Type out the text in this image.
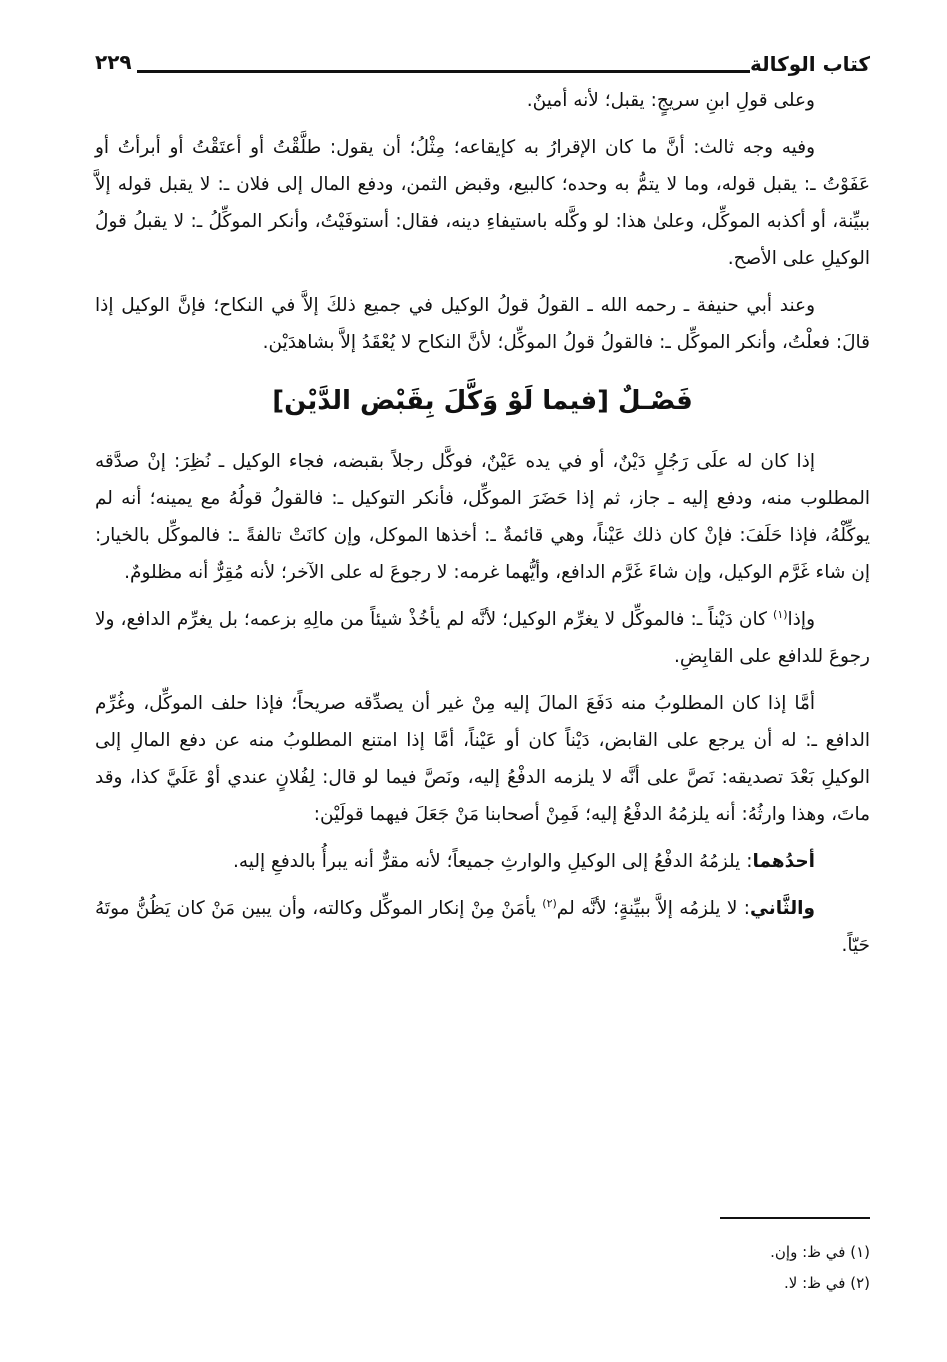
كتاب الوكالة
٢٢٩

وعلى قولِ ابنِ سريجٍ: يقبل؛ لأنه أمينٌ.

وفيه وجه ثالث: أنَّ ما كان الإقرارُ به كإيقاعه؛ مِثْلُ؛ أن يقول: طلَّقْتُ أو أعتَقْتُ أو أبرأتُ أو عَفَوْتُ ـ: يقبل قوله، وما لا يتمُّ به وحده؛ كالبيع، وقبض الثمن، ودفع المال إلى فلان ـ: لا يقبل قوله إلاَّ ببيِّنة، أو أكذبه الموكِّل، وعلىٰ هذا: لو وكَّله باستيفاءِ دينه، فقال: أستوفَيْتُ، وأنكر الموكِّلُ ـ: لا يقبلُ قولُ الوكيلِ على الأصح.

وعند أبي حنيفة ـ رحمه الله ـ القولُ قولُ الوكيل في جميع ذلكَ إلاَّ في النكاح؛ فإنَّ الوكيل إذا قالَ: فعلْتُ، وأنكر الموكِّل ـ: فالقولُ قولُ الموكِّل؛ لأنَّ النكاح لا يُعْقَدُ إلاَّ بشاهدَيْن.

فَصْـلٌ [فيما لَوْ وَكَّلَ بِقَبْض الدَّيْن]

إذا كان له علَى رَجُلٍ دَيْنٌ، أو في يده عَيْنٌ، فوكَّل رجلاً بقبضه، فجاء الوكيل ـ نُظِرَ: إنْ صدَّقه المطلوب منه، ودفع إليه ـ جاز، ثم إذا حَضَرَ الموكِّل، فأنكر التوكيل ـ: فالقولُ قولُهُ مع يمينه؛ أنه لم يوكِّلْهُ، فإذا حَلَفَ: فإنْ كان ذلك عَيْناً، وهي قائمةٌ ـ: أخذها الموكل، وإن كانَتْ تالفةً ـ: فالموكِّل بالخيار: إن شاء غَرَّم الوكيل، وإن شاءَ غَرَّم الدافع، وأيُّهما غرمه: لا رجوعَ له على الآخر؛ لأنه مُقِرٌّ أنه مظلومٌ.

وإذا$^{(١)}$ كان دَيْناً ـ: فالموكِّل لا يغرِّم الوكيل؛ لأنَّه لم يأخُذْ شيئاً من مالِهِ بزعمه؛ بل يغرِّم الدافع، ولا رجوعَ للدافع على القابِضِ.

أمَّا إذا كان المطلوبُ منه دَفَعَ المالَ إليه مِنْ غير أن يصدِّقه صريحاً؛ فإذا حلف الموكِّل، وغُرِّم الدافع ـ: له أن يرجع على القابض، دَيْناً كان أو عَيْناً، أمَّا إذا امتنع المطلوبُ منه عن دفع المالِ إلى الوكيلِ بَعْدَ تصديقه: نَصَّ على أنَّه لا يلزمه الدفْعُ إليه، ونَصَّ فيما لو قال: لِفُلانٍ عندي أوْ عَلَيَّ كذا، وقد ماتَ، وهذا وارثُهُ: أنه يلزمُهُ الدفْعُ إليه؛ فَمِنْ أصحابنا مَنْ جَعَلَ فيهما قولَيْن:

أحدُهما: يلزمُهُ الدفْعُ إلى الوكيلِ والوارثِ جميعاً؛ لأنه مقرٌّ أنه يبرأُ بالدفعِ إليه.

والثَّاني: لا يلزمُه إلاَّ ببيِّنةٍ؛ لأنَّه لم$^{(٢)}$ يأمَنْ مِنْ إنكار الموكِّل وكالته، وأن يبين مَنْ كان يَظُنُّ موتَهُ حَيّاً.

(١) في ظ: وإن.
(٢) في ظ: لا.
